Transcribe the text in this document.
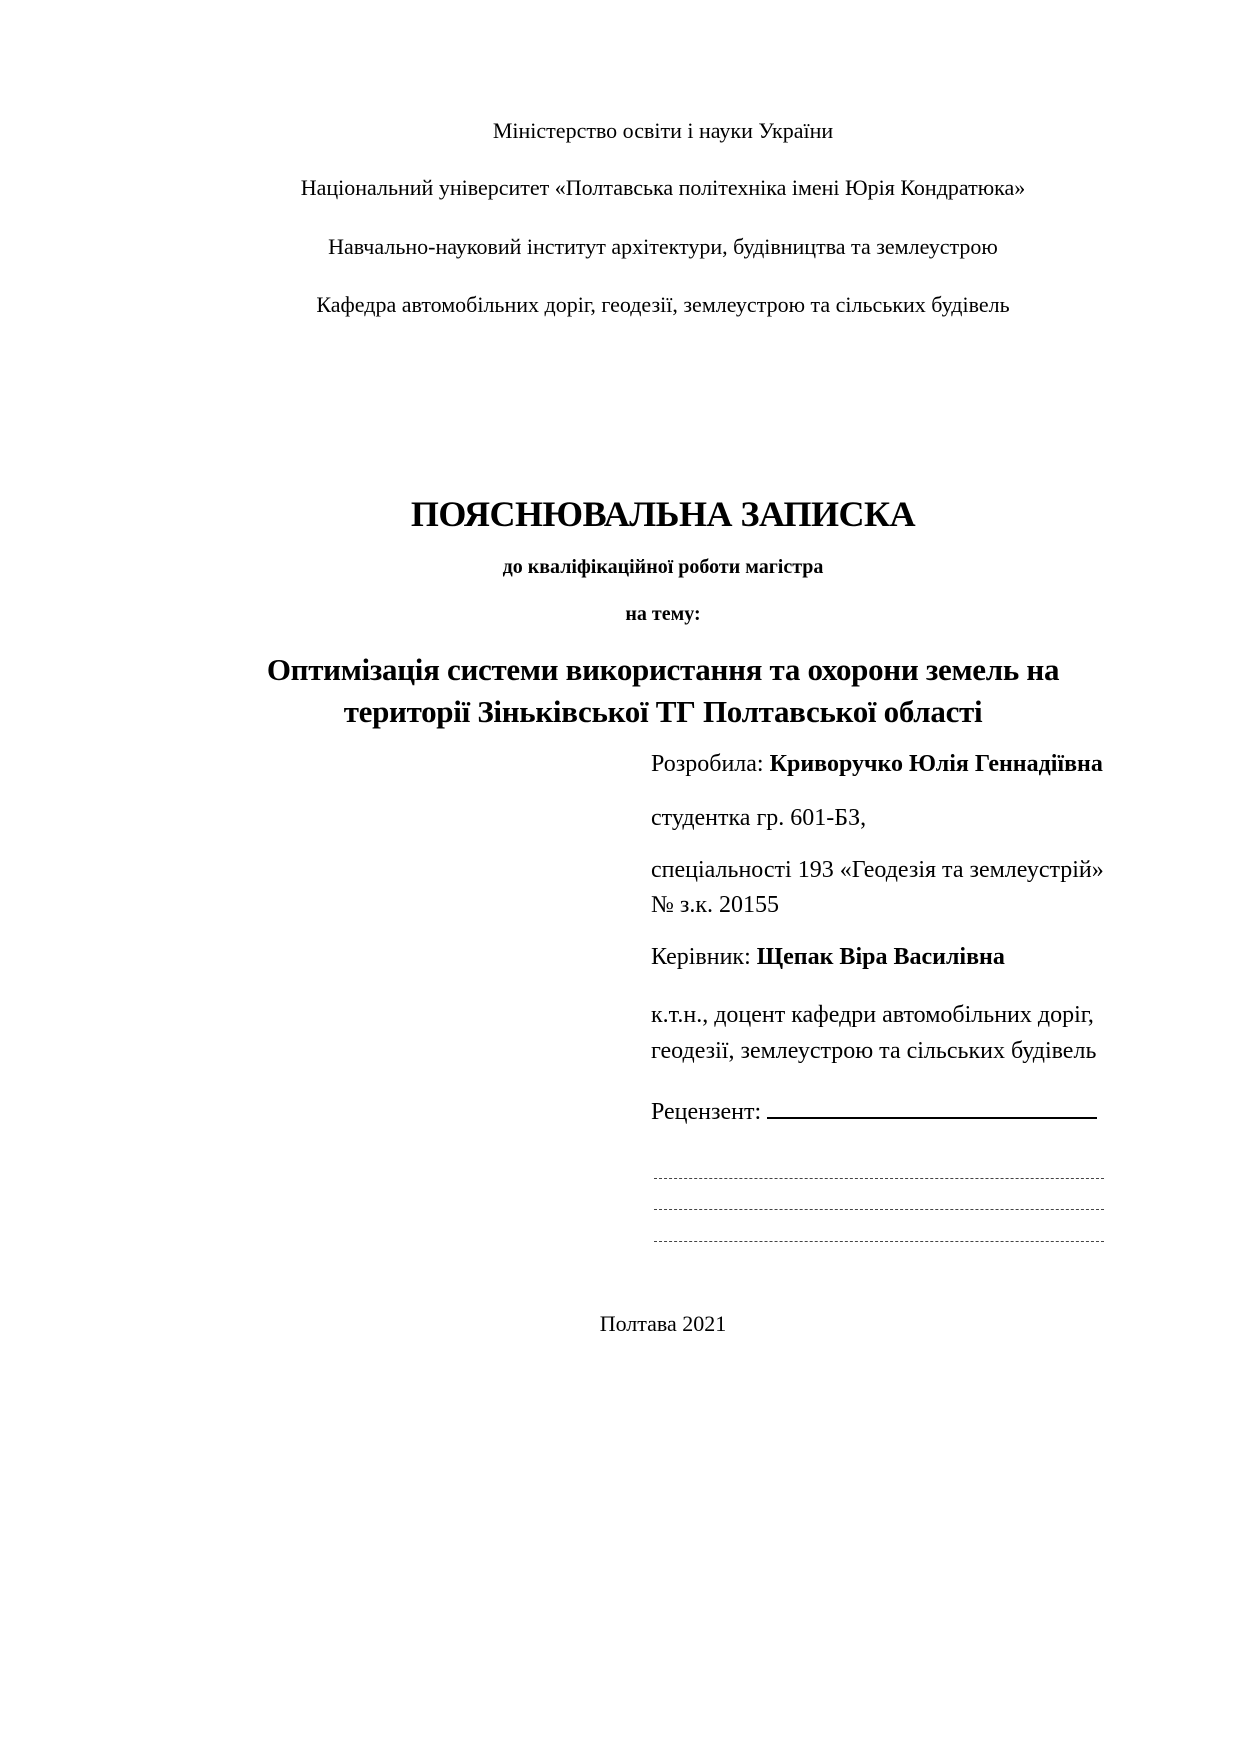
Міністерство освіти і науки України
Національний університет «Полтавська політехніка імені Юрія Кондратюка»
Навчально-науковий інститут архітектури, будівництва та землеустрою
Кафедра автомобільних доріг, геодезії, землеустрою та сільських будівель
ПОЯСНЮВАЛЬНА ЗАПИСКА
до кваліфікаційної роботи магістра
на тему:
Оптимізація системи використання та охорони земель на
території Зіньківської ТГ Полтавської області
Розробила: Криворучко Юлія Геннадіївна
студентка гр. 601-БЗ,
спеціальності 193 «Геодезія та землеустрій»
№ з.к. 20155
Керівник: Щепак Віра Василівна
к.т.н., доцент кафедри автомобільних доріг,
геодезії, землеустрою та сільських будівель
Рецензент:
Полтава 2021
